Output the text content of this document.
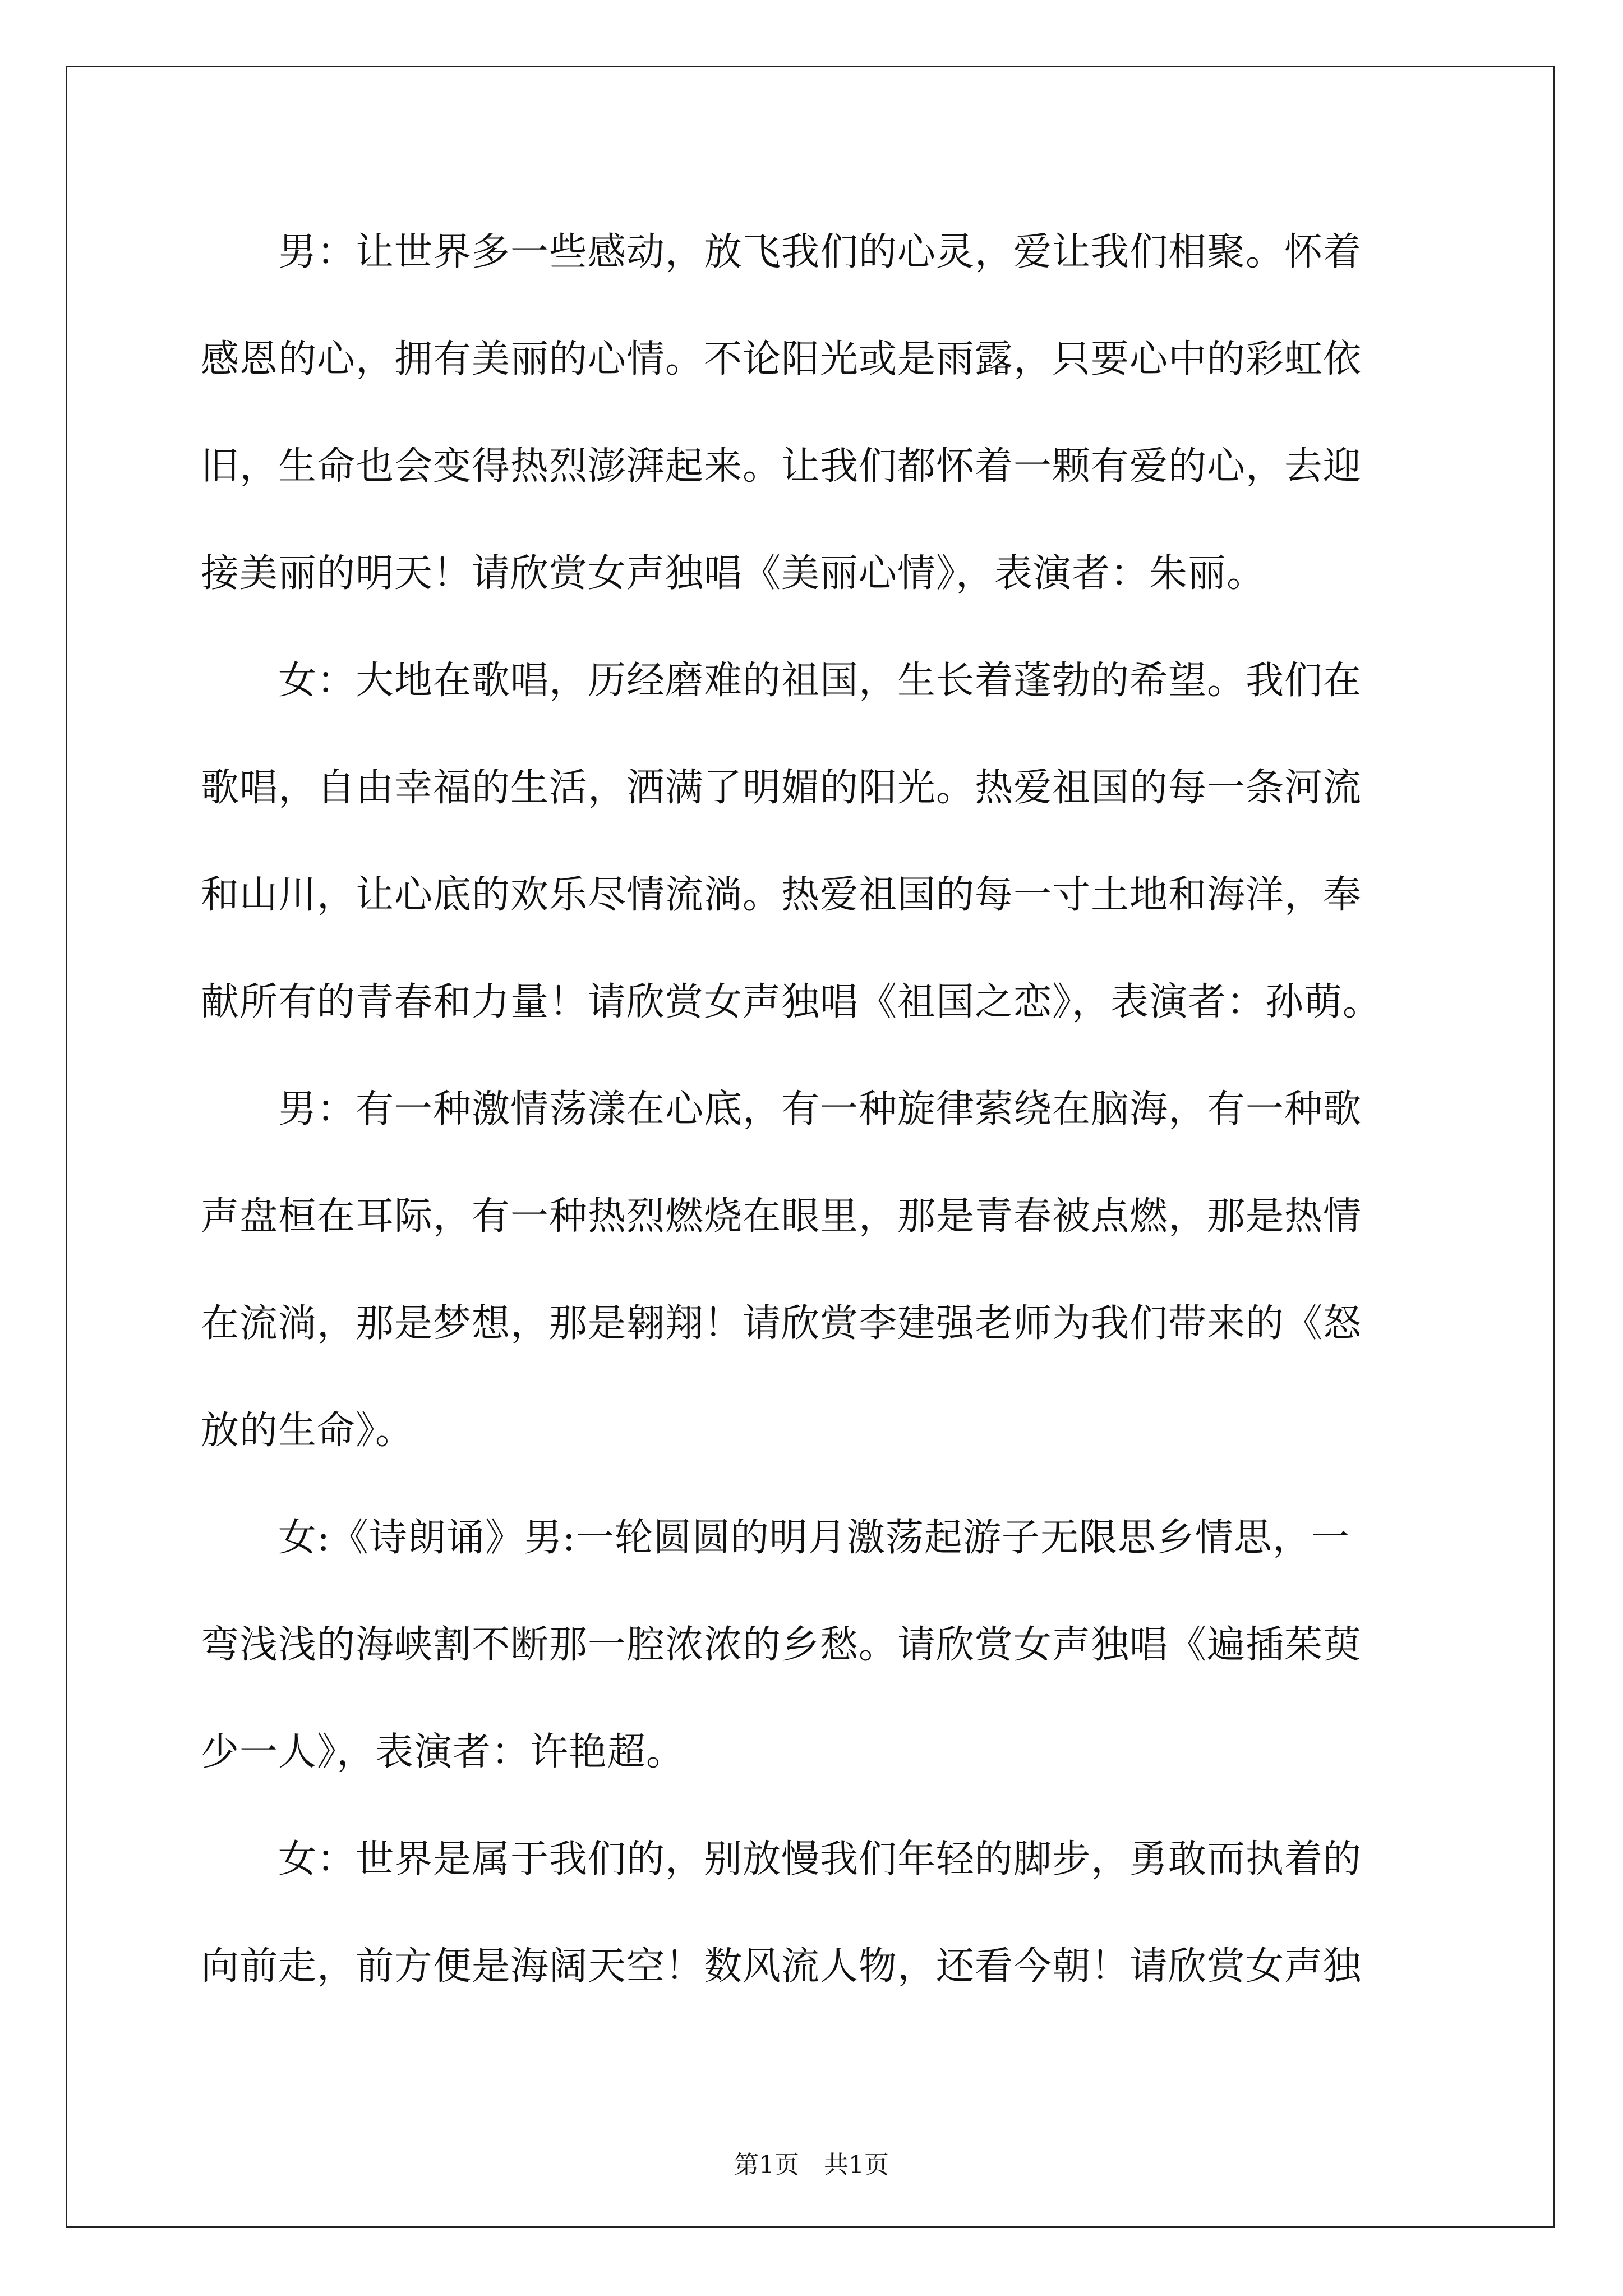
　　男：让世界多一些感动，放飞我们的心灵，爱让我们相聚。怀着
感恩的心，拥有美丽的心情。不论阳光或是雨露，只要心中的彩虹依
旧，生命也会变得热烈澎湃起来。让我们都怀着一颗有爱的心，去迎
接美丽的明天！请欣赏女声独唱《美丽心情》，表演者：朱丽。
　　女：大地在歌唱，历经磨难的祖国，生长着蓬勃的希望。我们在
歌唱，自由幸福的生活，洒满了明媚的阳光。热爱祖国的每一条河流
和山川，让心底的欢乐尽情流淌。热爱祖国的每一寸土地和海洋，奉
献所有的青春和力量！请欣赏女声独唱《祖国之恋》，表演者：孙萌。
　　男：有一种激情荡漾在心底，有一种旋律萦绕在脑海，有一种歌
声盘桓在耳际，有一种热烈燃烧在眼里，那是青春被点燃，那是热情
在流淌，那是梦想，那是翱翔！请欣赏李建强老师为我们带来的《怒
放的生命》。
　　女:《诗朗诵》男:一轮圆圆的明月激荡起游子无限思乡情思，一
弯浅浅的海峡割不断那一腔浓浓的乡愁。请欣赏女声独唱《遍插茱萸
少一人》，表演者：许艳超。
　　女：世界是属于我们的，别放慢我们年轻的脚步，勇敢而执着的
向前走，前方便是海阔天空！数风流人物，还看今朝！请欣赏女声独
第1页　共1页
